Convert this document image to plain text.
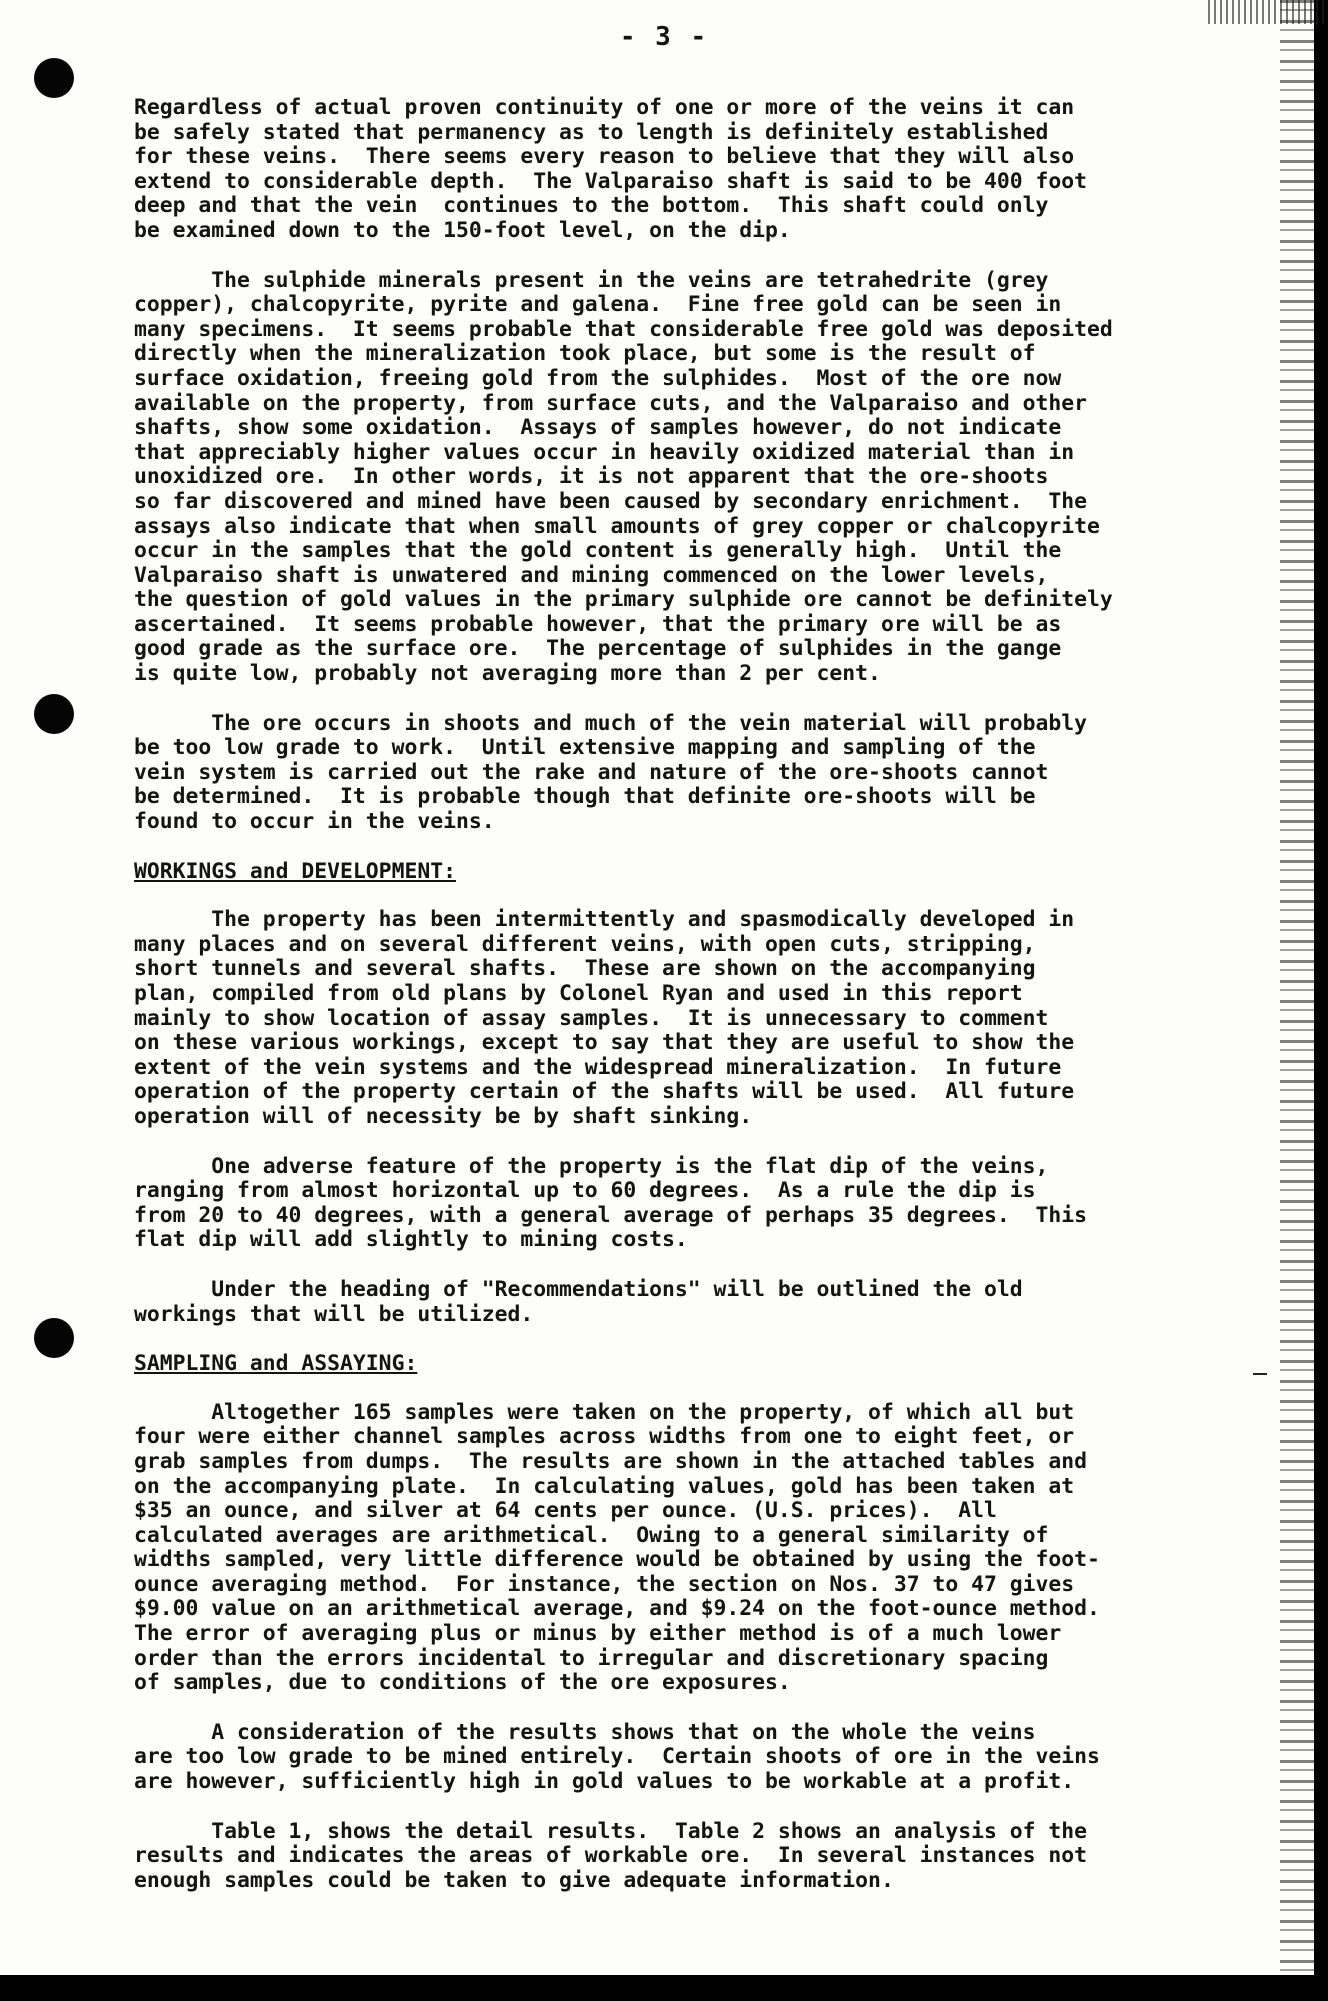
- 3 -

Regardless of actual proven continuity of one or more of the veins it can
be safely stated that permanency as to length is definitely established
for these veins.  There seems every reason to believe that they will also
extend to considerable depth.  The Valparaiso shaft is said to be 400 foot
deep and that the vein  continues to the bottom.  This shaft could only
be examined down to the 150-foot level, on the dip.

The sulphide minerals present in the veins are tetrahedrite (grey
copper), chalcopyrite, pyrite and galena.  Fine free gold can be seen in
many specimens.  It seems probable that considerable free gold was deposited
directly when the mineralization took place, but some is the result of
surface oxidation, freeing gold from the sulphides.  Most of the ore now
available on the property, from surface cuts, and the Valparaiso and other
shafts, show some oxidation.  Assays of samples however, do not indicate
that appreciably higher values occur in heavily oxidized material than in
unoxidized ore.  In other words, it is not apparent that the ore-shoots
so far discovered and mined have been caused by secondary enrichment.  The
assays also indicate that when small amounts of grey copper or chalcopyrite
occur in the samples that the gold content is generally high.  Until the
Valparaiso shaft is unwatered and mining commenced on the lower levels,
the question of gold values in the primary sulphide ore cannot be definitely
ascertained.  It seems probable however, that the primary ore will be as
good grade as the surface ore.  The percentage of sulphides in the gange
is quite low, probably not averaging more than 2 per cent.

The ore occurs in shoots and much of the vein material will probably
be too low grade to work.  Until extensive mapping and sampling of the
vein system is carried out the rake and nature of the ore-shoots cannot
be determined.  It is probable though that definite ore-shoots will be
found to occur in the veins.

WORKINGS and DEVELOPMENT:

The property has been intermittently and spasmodically developed in
many places and on several different veins, with open cuts, stripping,
short tunnels and several shafts.  These are shown on the accompanying
plan, compiled from old plans by Colonel Ryan and used in this report
mainly to show location of assay samples.  It is unnecessary to comment
on these various workings, except to say that they are useful to show the
extent of the vein systems and the widespread mineralization.  In future
operation of the property certain of the shafts will be used.  All future
operation will of necessity be by shaft sinking.

One adverse feature of the property is the flat dip of the veins,
ranging from almost horizontal up to 60 degrees.  As a rule the dip is
from 20 to 40 degrees, with a general average of perhaps 35 degrees.  This
flat dip will add slightly to mining costs.

Under the heading of "Recommendations" will be outlined the old
workings that will be utilized.

SAMPLING and ASSAYING:

Altogether 165 samples were taken on the property, of which all but
four were either channel samples across widths from one to eight feet, or
grab samples from dumps.  The results are shown in the attached tables and
on the accompanying plate.  In calculating values, gold has been taken at
$35 an ounce, and silver at 64 cents per ounce. (U.S. prices).  All
calculated averages are arithmetical.  Owing to a general similarity of
widths sampled, very little difference would be obtained by using the foot-
ounce averaging method.  For instance, the section on Nos. 37 to 47 gives
$9.00 value on an arithmetical average, and $9.24 on the foot-ounce method.
The error of averaging plus or minus by either method is of a much lower
order than the errors incidental to irregular and discretionary spacing
of samples, due to conditions of the ore exposures.

A consideration of the results shows that on the whole the veins
are too low grade to be mined entirely.  Certain shoots of ore in the veins
are however, sufficiently high in gold values to be workable at a profit.

Table 1, shows the detail results.  Table 2 shows an analysis of the
results and indicates the areas of workable ore.  In several instances not
enough samples could be taken to give adequate information.
